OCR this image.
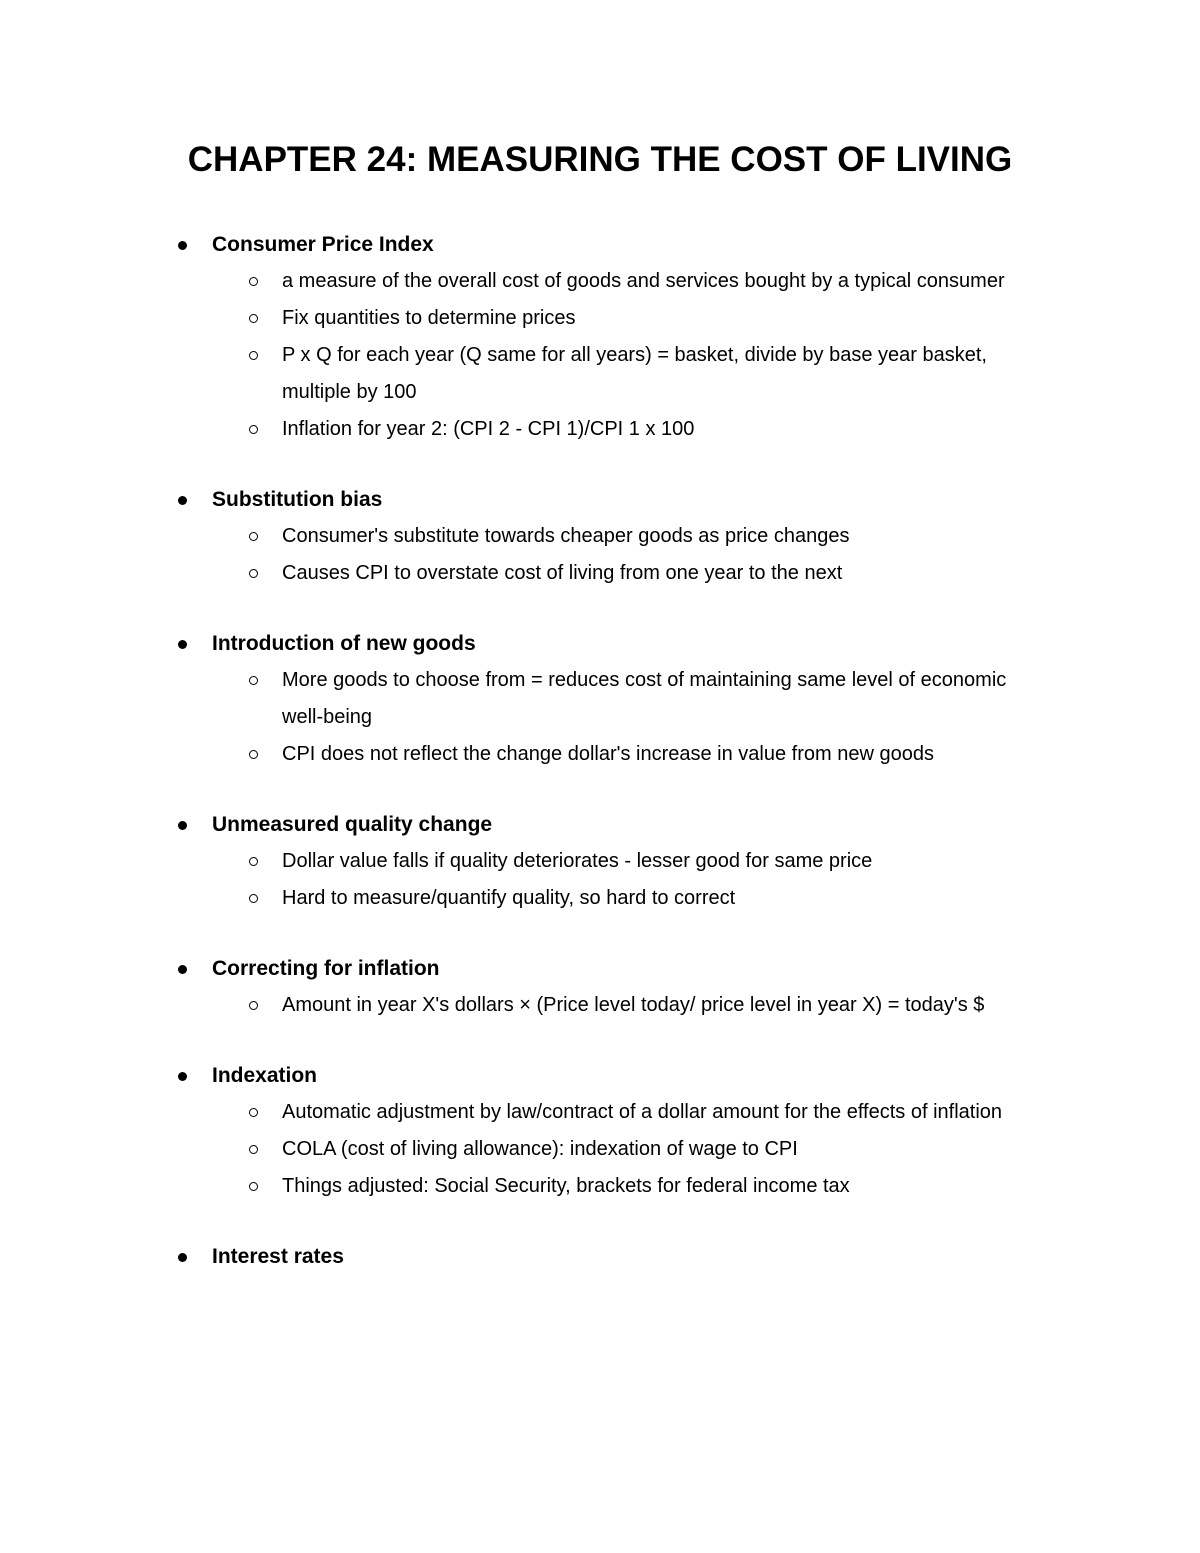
CHAPTER 24: MEASURING THE COST OF LIVING
Consumer Price Index
a measure of the overall cost of goods and services bought by a typical consumer
Fix quantities to determine prices
P x Q for each year (Q same for all years) = basket, divide by base year basket, multiple by 100
Inflation for year 2: (CPI 2 - CPI 1)/CPI 1 x 100
Substitution bias
Consumer's substitute towards cheaper goods as price changes
Causes CPI to overstate cost of living from one year to the next
Introduction of new goods
More goods to choose from = reduces cost of maintaining same level of economic well-being
CPI does not reflect the change dollar's increase in value from new goods
Unmeasured quality change
Dollar value falls if quality deteriorates - lesser good for same price
Hard to measure/quantify quality, so hard to correct
Correcting for inflation
Amount in year X's dollars × (Price level today/ price level in year X) = today's $
Indexation
Automatic adjustment by law/contract of a dollar amount for the effects of inflation
COLA (cost of living allowance): indexation of wage to CPI
Things adjusted: Social Security, brackets for federal income tax
Interest rates
